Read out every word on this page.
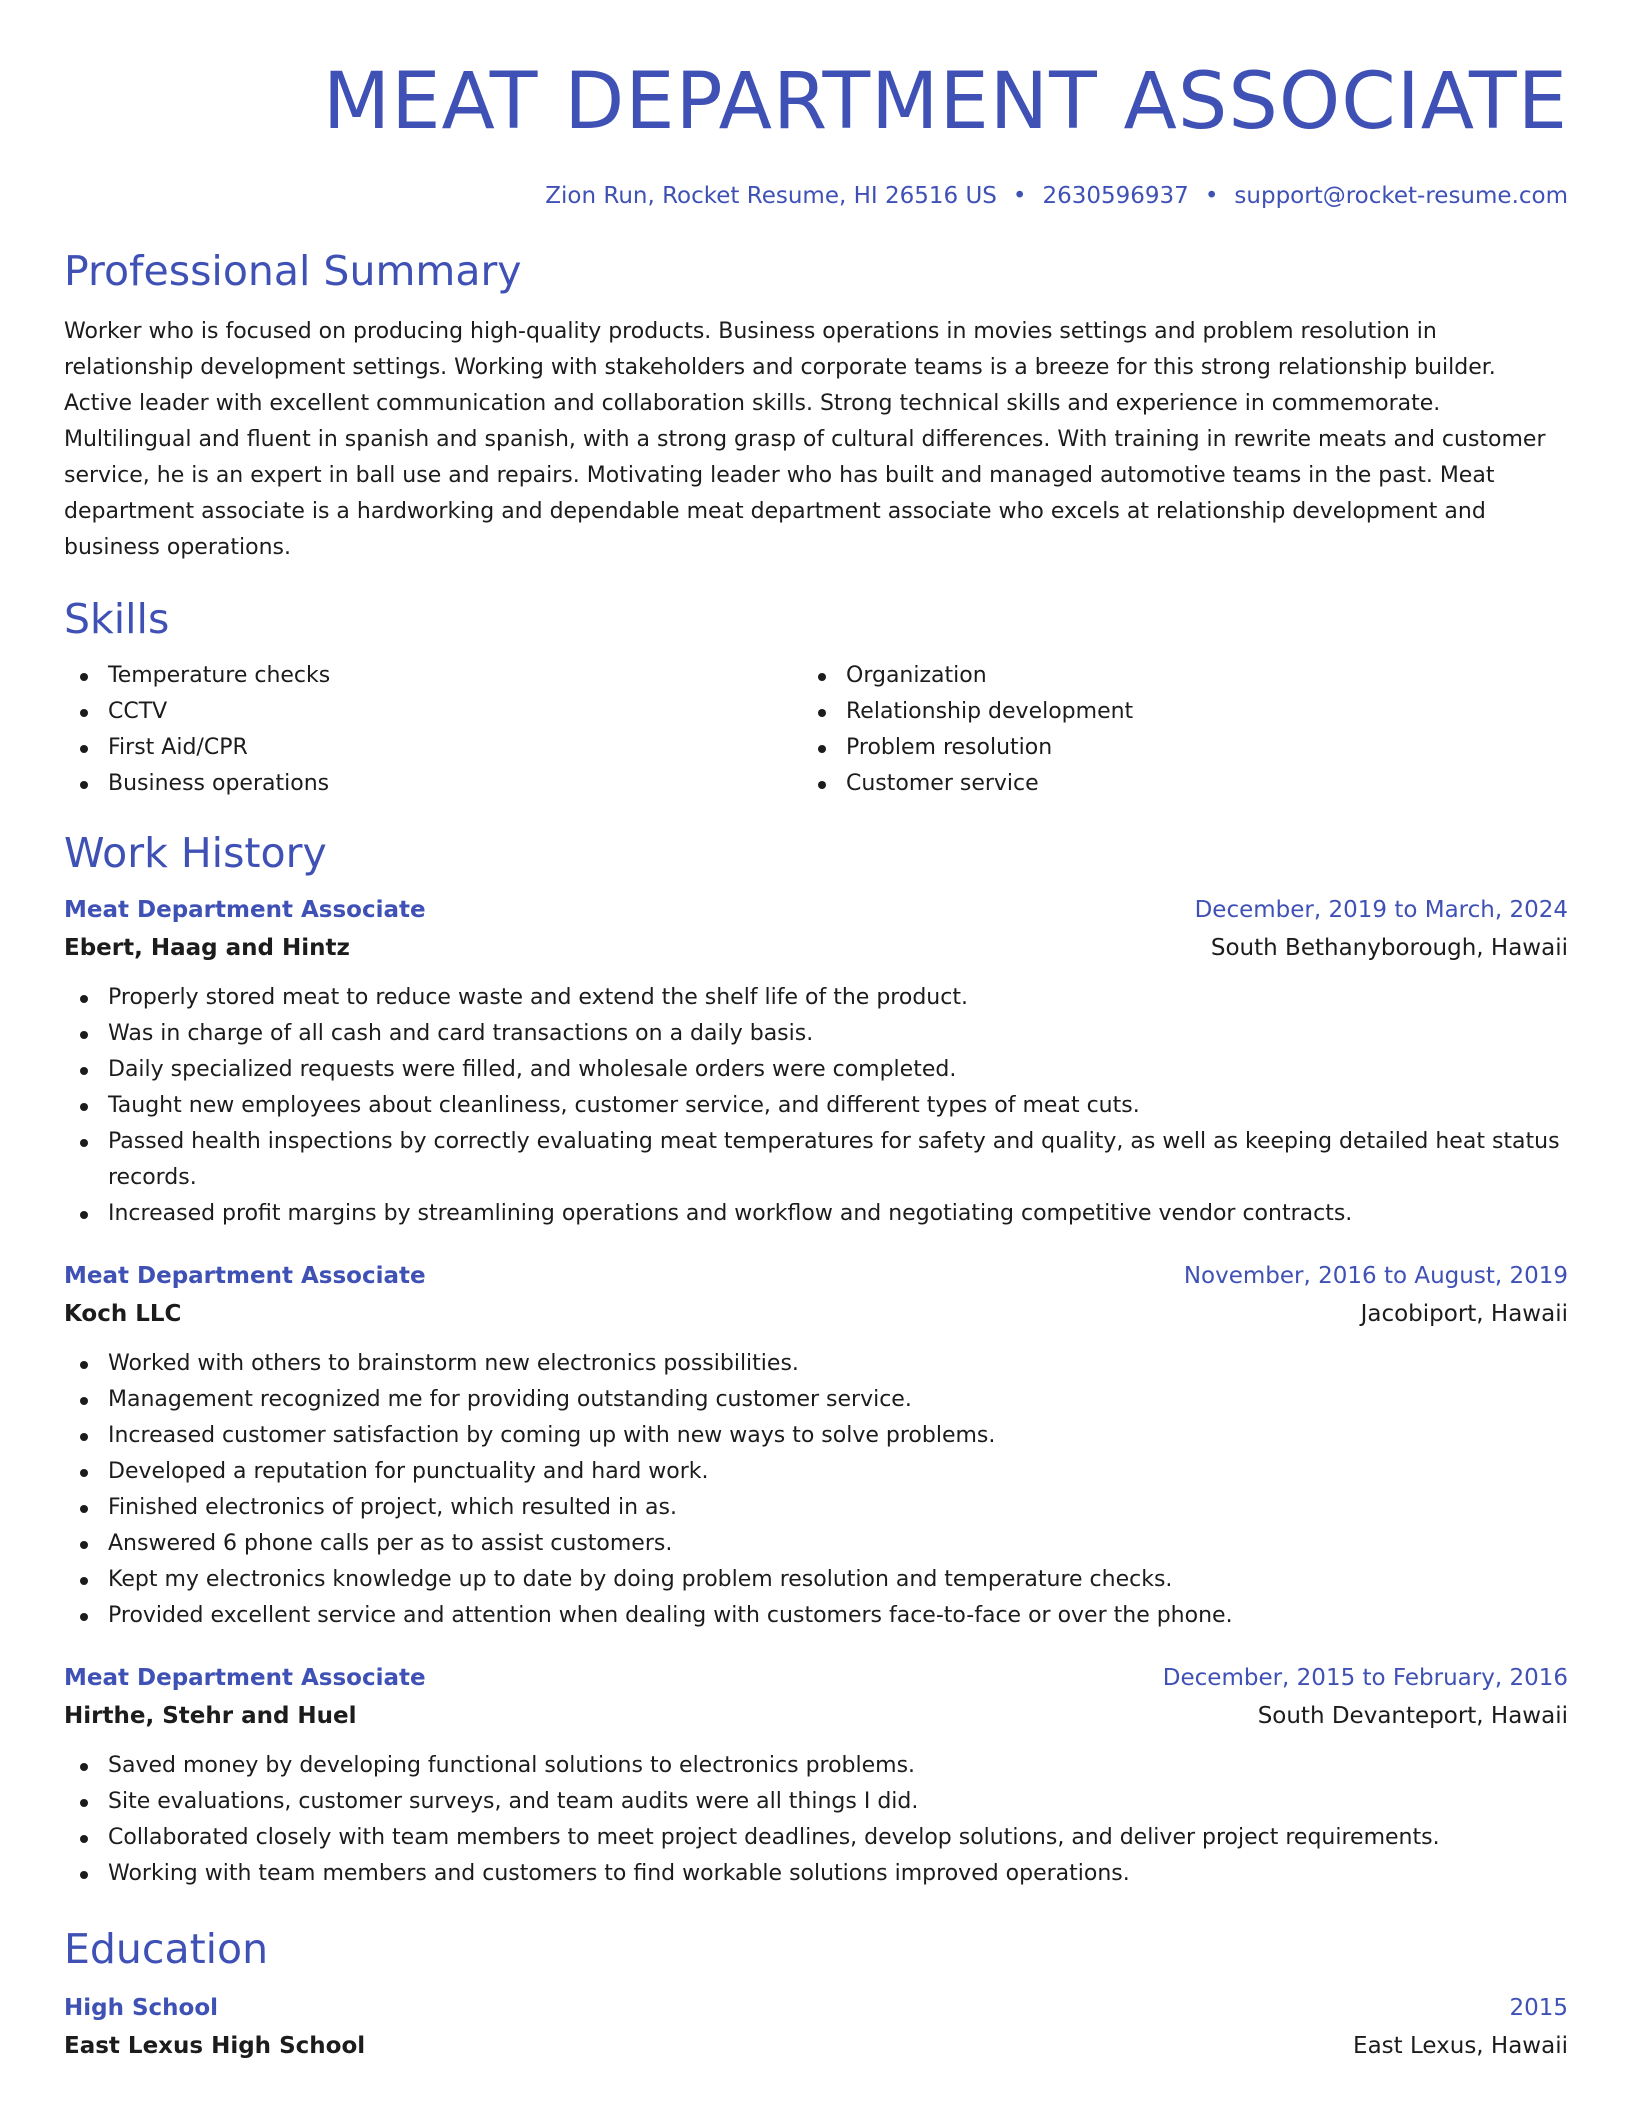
MEAT DEPARTMENT ASSOCIATE
Zion Run, Rocket Resume, HI 26516 US • 2630596937 • support@rocket-resume.com
Professional Summary

Worker who is focused on producing high-quality products. Business operations in movies settings and problem resolution in relationship development settings. Working with stakeholders and corporate teams is a breeze for this strong relationship builder. Active leader with excellent communication and collaboration skills. Strong technical skills and experience in commemorate. Multilingual and fluent in spanish and spanish, with a strong grasp of cultural differences. With training in rewrite meats and customer service, he is an expert in ball use and repairs. Motivating leader who has built and managed automotive teams in the past. Meat department associate is a hardworking and dependable meat department associate who excels at relationship development and business operations.

Skills
Temperature checks
CCTV
First Aid/CPR
Business operations
Organization
Relationship development
Problem resolution
Customer service
Work History
Meat Department Associate	December, 2019 to March, 2024
Ebert, Haag and Hintz	South Bethanyborough, Hawaii
Properly stored meat to reduce waste and extend the shelf life of the product.
Was in charge of all cash and card transactions on a daily basis.
Daily specialized requests were filled, and wholesale orders were completed.
Taught new employees about cleanliness, customer service, and different types of meat cuts.
Passed health inspections by correctly evaluating meat temperatures for safety and quality, as well as keeping detailed heat status records.
Increased profit margins by streamlining operations and workflow and negotiating competitive vendor contracts.
Meat Department Associate	November, 2016 to August, 2019
Koch LLC	Jacobiport, Hawaii
Worked with others to brainstorm new electronics possibilities.
Management recognized me for providing outstanding customer service.
Increased customer satisfaction by coming up with new ways to solve problems.
Developed a reputation for punctuality and hard work.
Finished electronics of project, which resulted in as.
Answered 6 phone calls per as to assist customers.
Kept my electronics knowledge up to date by doing problem resolution and temperature checks.
Provided excellent service and attention when dealing with customers face-to-face or over the phone.
Meat Department Associate	December, 2015 to February, 2016
Hirthe, Stehr and Huel	South Devanteport, Hawaii
Saved money by developing functional solutions to electronics problems.
Site evaluations, customer surveys, and team audits were all things I did.
Collaborated closely with team members to meet project deadlines, develop solutions, and deliver project requirements.
Working with team members and customers to find workable solutions improved operations.
Education
High School	2015
East Lexus High School	East Lexus, Hawaii
